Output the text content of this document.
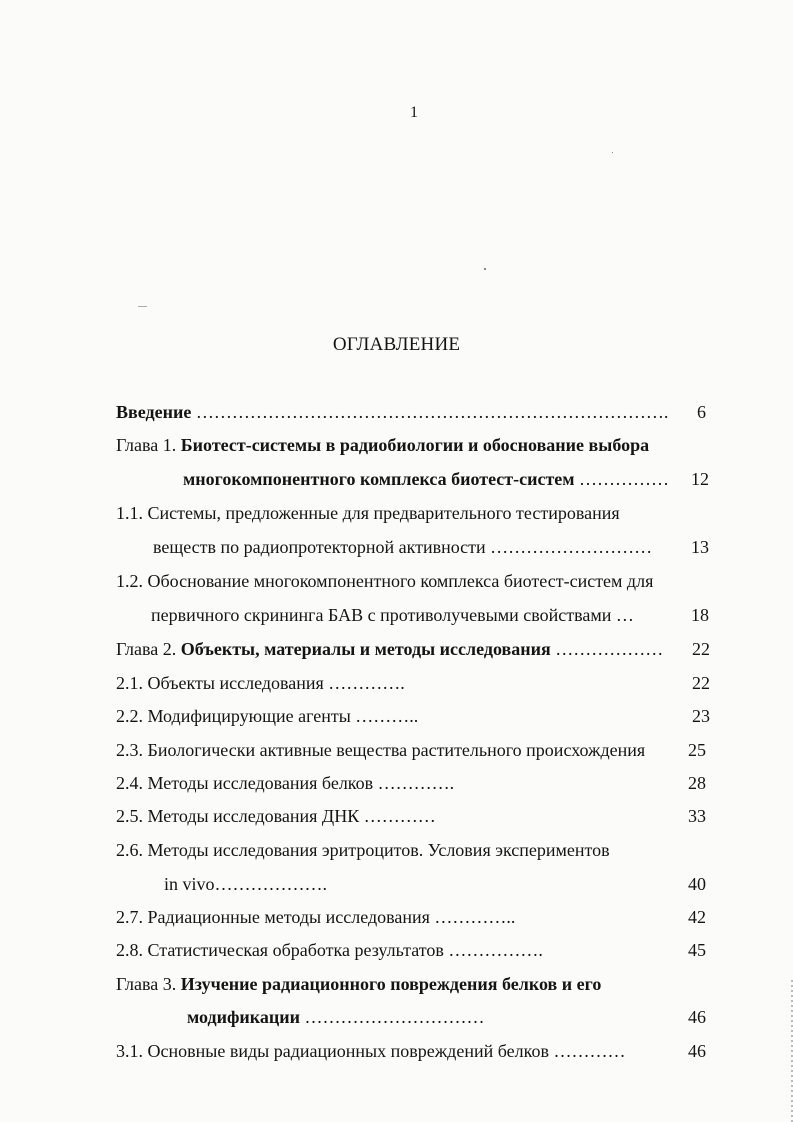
1
ОГЛАВЛЕНИЕ
Введение …………………………………………………………………….	6
Глава 1. Биотест-системы в радиобиологии и обоснование выбора
многокомпонентного комплекса биотест-систем ……………	12
1.1. Системы, предложенные для предварительного тестирования
веществ по радиопротекторной активности ………………………	13
1.2. Обоснование многокомпонентного комплекса биотест-систем для
первичного скрининга БАВ с противолучевыми свойствами …	18
Глава 2. Объекты, материалы и методы исследования ………………	22
2.1. Объекты исследования ………….	22
2.2. Модифицирующие агенты ………..	23
2.3. Биологически активные вещества растительного происхождения	25
2.4. Методы исследования белков ………….	28
2.5. Методы исследования ДНК …………	33
2.6. Методы исследования эритроцитов. Условия экспериментов
in vivo……………….	40
2.7. Радиационные методы исследования …………..	42
2.8. Статистическая обработка результатов …………….	45
Глава 3. Изучение радиационного повреждения белков и его
модификации …………………………	46
3.1. Основные виды радиационных повреждений белков …………	46
